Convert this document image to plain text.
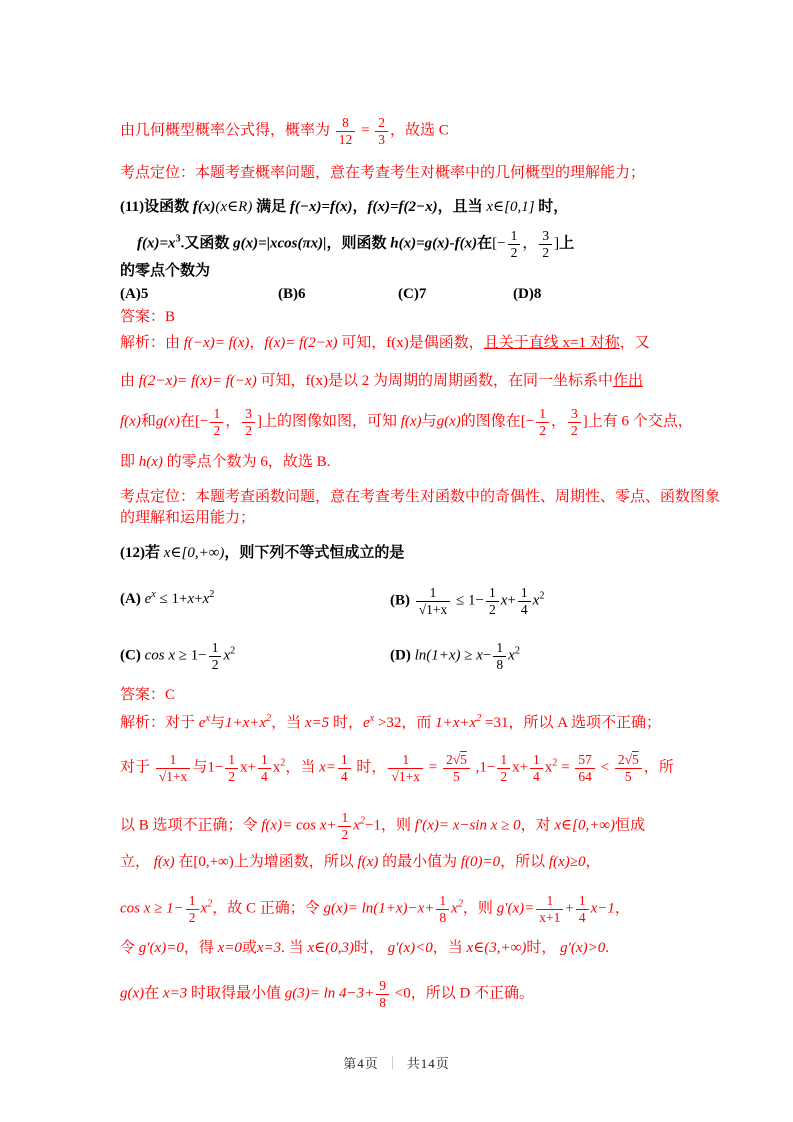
由几何概型概率公式得，概率为 $\frac{8}{12} = \frac{2}{3}$ ，故选 C
考点定位：本题考查概率问题，意在考查考生对概率中的几何概型的理解能力；
(11)设函数 f(x)(x∈R) 满足 f(−x)=f(x)，f(x)=f(2−x)，且当 x∈[0,1] 时，
$f(x)=x^3$.又函数 g(x)=|xcos(πx)|，则函数 h(x)=g(x)-f(x)在[− $\frac{1}{2}$ ， $\frac{3}{2}$ ]上
的零点个数为
(A)5	(B)6	(C)7	(D)8
答案：B
解析：由 f(−x)= f(x)，f(x)= f(2−x) 可知，f(x)是偶函数，且关于直线 x=1 对称，又
由 f(2−x)= f(x)= f(−x) 可知，f(x)是以 2 为周期的周期函数，在同一坐标系中作出
f(x)和g(x)在[− $\frac{1}{2}$ ， $\frac{3}{2}$ ]上的图像如图，可知 f(x)与g(x)的图像在[− $\frac{1}{2}$ ， $\frac{3}{2}$ ]上有 6 个交点，
即 h(x) 的零点个数为 6，故选 B.
考点定位：本题考查函数问题，意在考查考生对函数中的奇偶性、周期性、零点、函数图象
的理解和运用能力；
(12)若 x∈[0,+∞)，则下列不等式恒成立的是
(A) $e^x \le 1+x+x^2$	$(B) \frac{1}{√1+x} \le 1- \frac{1}{2} x+ \frac{1}{4} x^2$
(C) $\cos x \ge 1- \frac{1}{2} x^2$	(D) $\ln(1+x) \ge x- \frac{1}{8} x^2$
答案：C
解析：对于 $e^x$与$1+x+x^2$，当 x=5 时，$e^x >32$，而 $1+x+x^2 =31$，所以 A 选项不正确；
对于 $\frac{1}{√1+x}$ 与$1- \frac{1}{2} x+ \frac{1}{4} x^2$，当 $x= \frac{1}{4}$ 时， $\frac{1}{√1+x} = \frac{2√5}{5} ,1- \frac{1}{2} x+ \frac{1}{4} x^2 = \frac{57}{64} < \frac{2√5}{5}$ ，所
以 B 选项不正确；令 $f(x)= \cos x+ \frac{1}{2} x^2-1$，则 f′(x)= x−sin x ≥ 0，对 x∈[0,+∞)恒成
立， f(x) 在[0,+∞)上为增函数，所以 f(x) 的最小值为 f(0)=0，所以 f(x)≥0，
$\cos x \ge 1- \frac{1}{2} x^2$，故 C 正确；令 $g(x)= \ln(1+x)-x+ \frac{1}{8} x^2$，则 $g'(x)= \frac{1}{x+1} + \frac{1}{4} x-1$，
令 g′(x)=0，得 x=0或x=3. 当 x∈(0,3)时， g′(x)<0，当 x∈(3,+∞)时， g′(x)>0.
g(x)在 x=3 时取得最小值 $g(3)= \ln 4-3+ \frac{9}{8} <0$，所以 D 不正确。
第4页 ｜ 共14页
